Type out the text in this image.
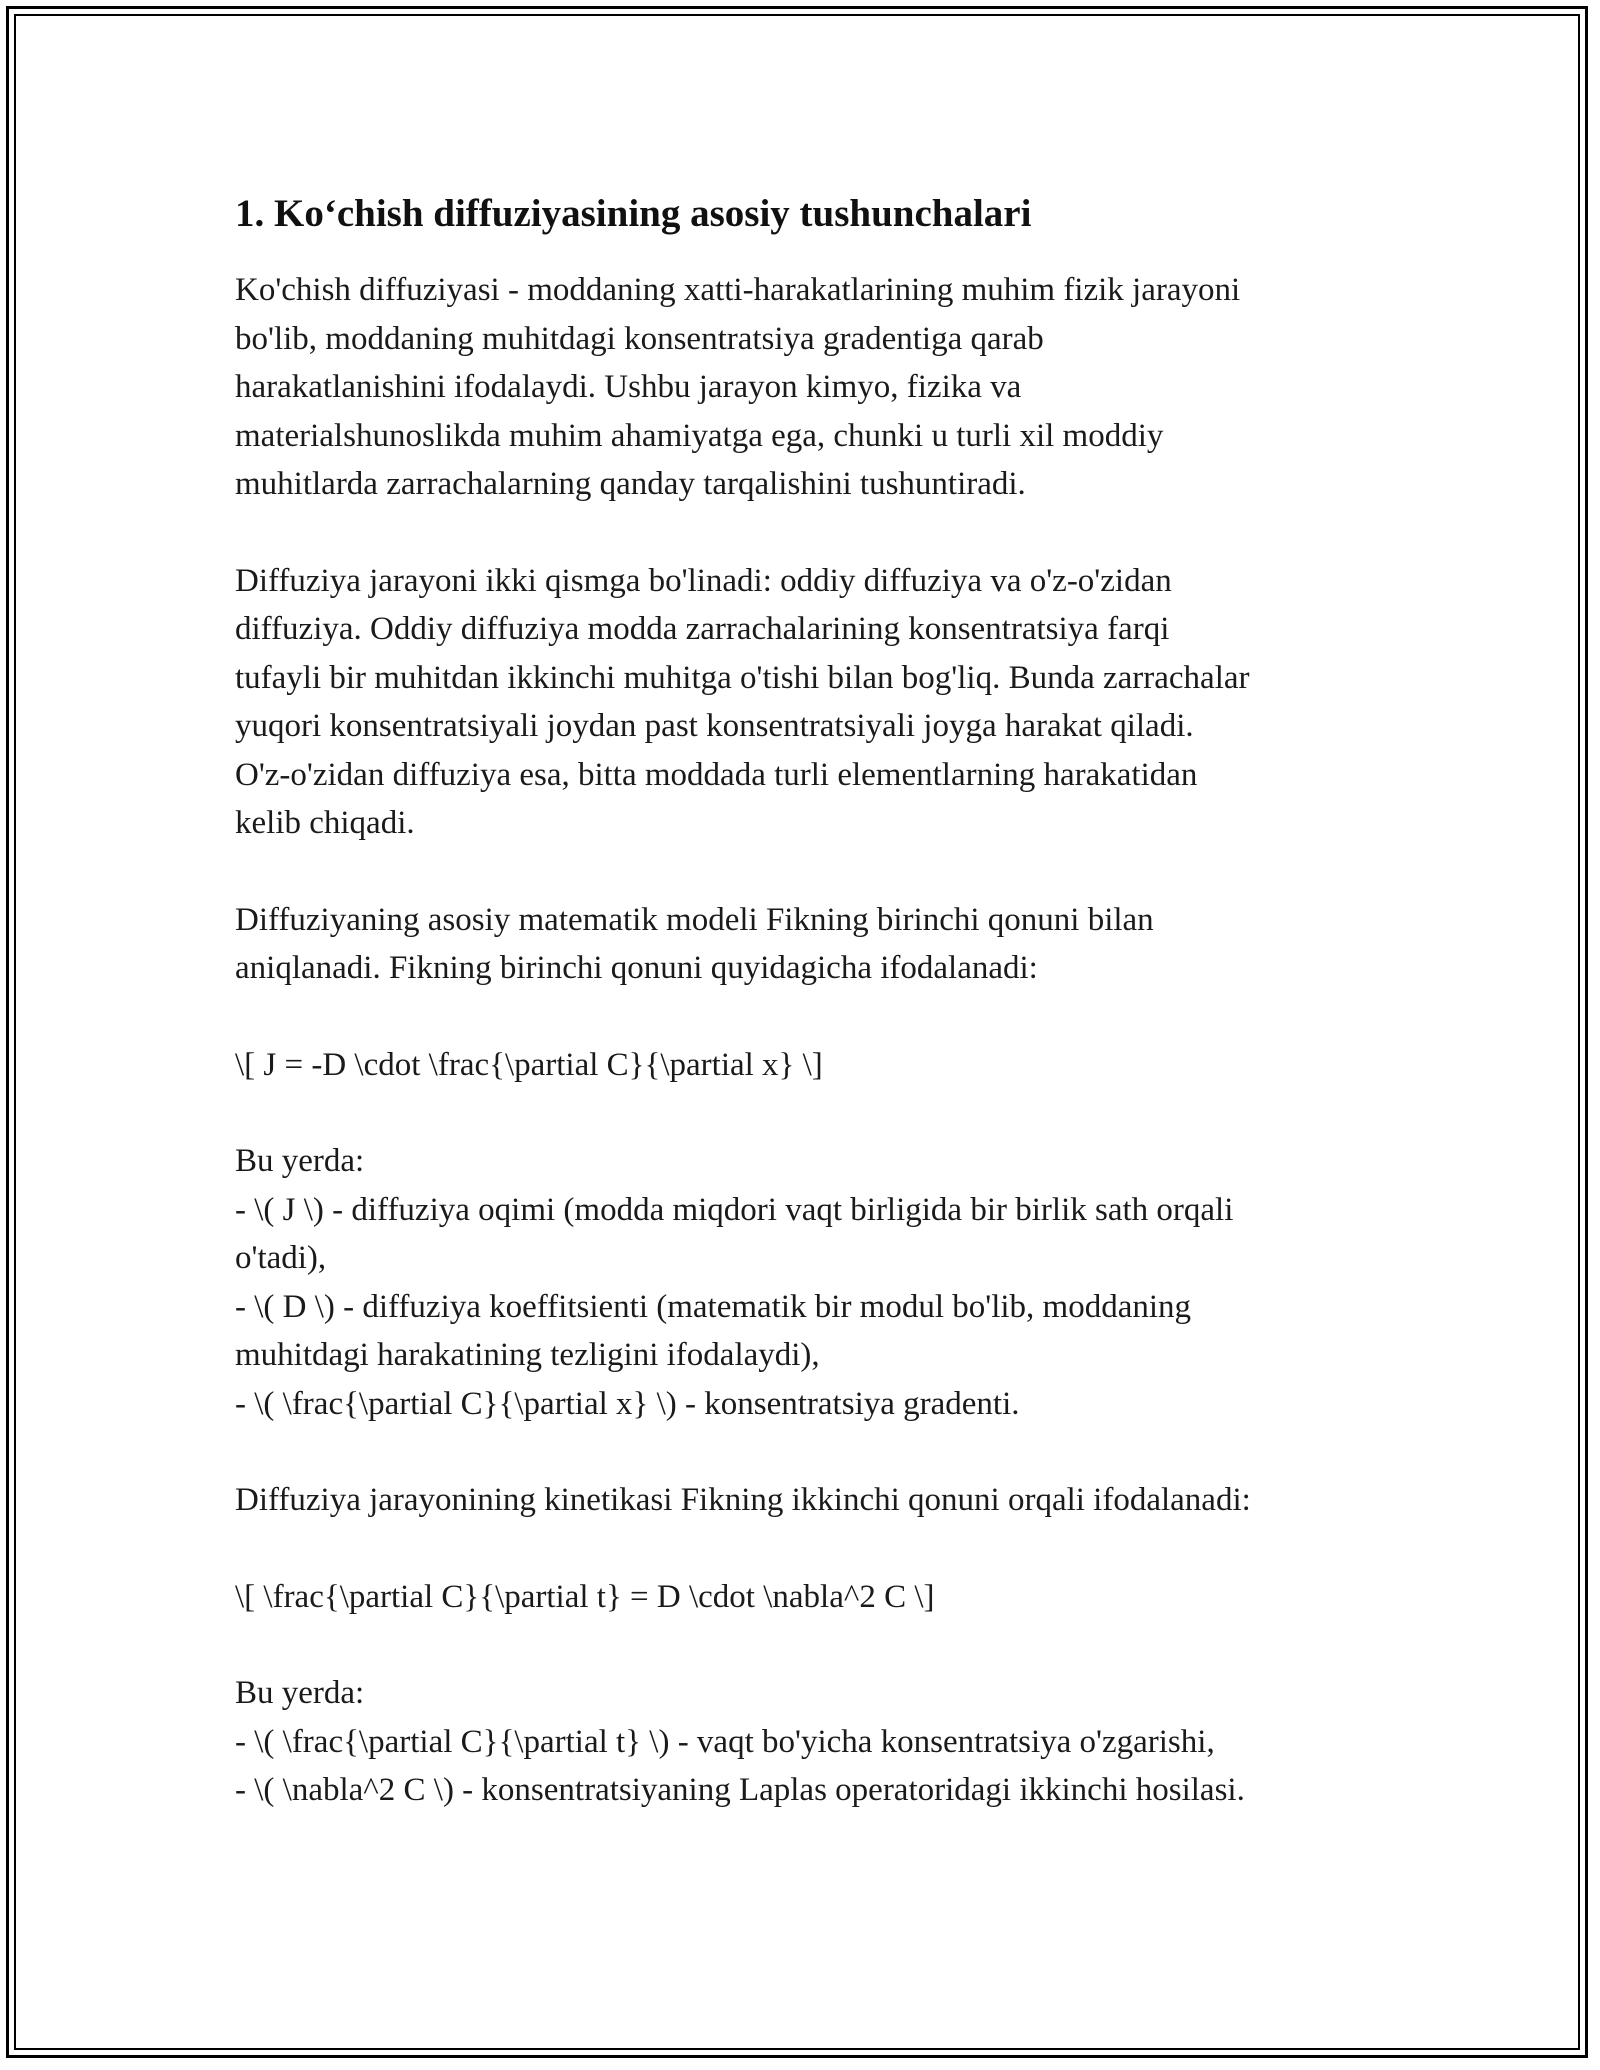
1. Ko‘chish diffuziyasining asosiy tushunchalari

Ko'chish diffuziyasi - moddaning xatti-harakatlarining muhim fizik jarayoni
bo'lib, moddaning muhitdagi konsentratsiya gradentiga qarab
harakatlanishini ifodalaydi. Ushbu jarayon kimyo, fizika va
materialshunoslikda muhim ahamiyatga ega, chunki u turli xil moddiy
muhitlarda zarrachalarning qanday tarqalishini tushuntiradi.

Diffuziya jarayoni ikki qismga bo'linadi: oddiy diffuziya va o'z-o'zidan
diffuziya. Oddiy diffuziya modda zarrachalarining konsentratsiya farqi
tufayli bir muhitdan ikkinchi muhitga o'tishi bilan bog'liq. Bunda zarrachalar
yuqori konsentratsiyali joydan past konsentratsiyali joyga harakat qiladi.
O'z-o'zidan diffuziya esa, bitta moddada turli elementlarning harakatidan
kelib chiqadi.

Diffuziyaning asosiy matematik modeli Fikning birinchi qonuni bilan
aniqlanadi. Fikning birinchi qonuni quyidagicha ifodalanadi:

\[ J = -D \cdot \frac{\partial C}{\partial x} \]

Bu yerda:
- \( J \) - diffuziya oqimi (modda miqdori vaqt birligida bir birlik sath orqali
o'tadi),
- \( D \) - diffuziya koeffitsienti (matematik bir modul bo'lib, moddaning
muhitdagi harakatining tezligini ifodalaydi),
- \( \frac{\partial C}{\partial x} \) - konsentratsiya gradenti.

Diffuziya jarayonining kinetikasi Fikning ikkinchi qonuni orqali ifodalanadi:

\[ \frac{\partial C}{\partial t} = D \cdot \nabla^2 C \]

Bu yerda:
- \( \frac{\partial C}{\partial t} \) - vaqt bo'yicha konsentratsiya o'zgarishi,
- \( \nabla^2 C \) - konsentratsiyaning Laplas operatoridagi ikkinchi hosilasi.
